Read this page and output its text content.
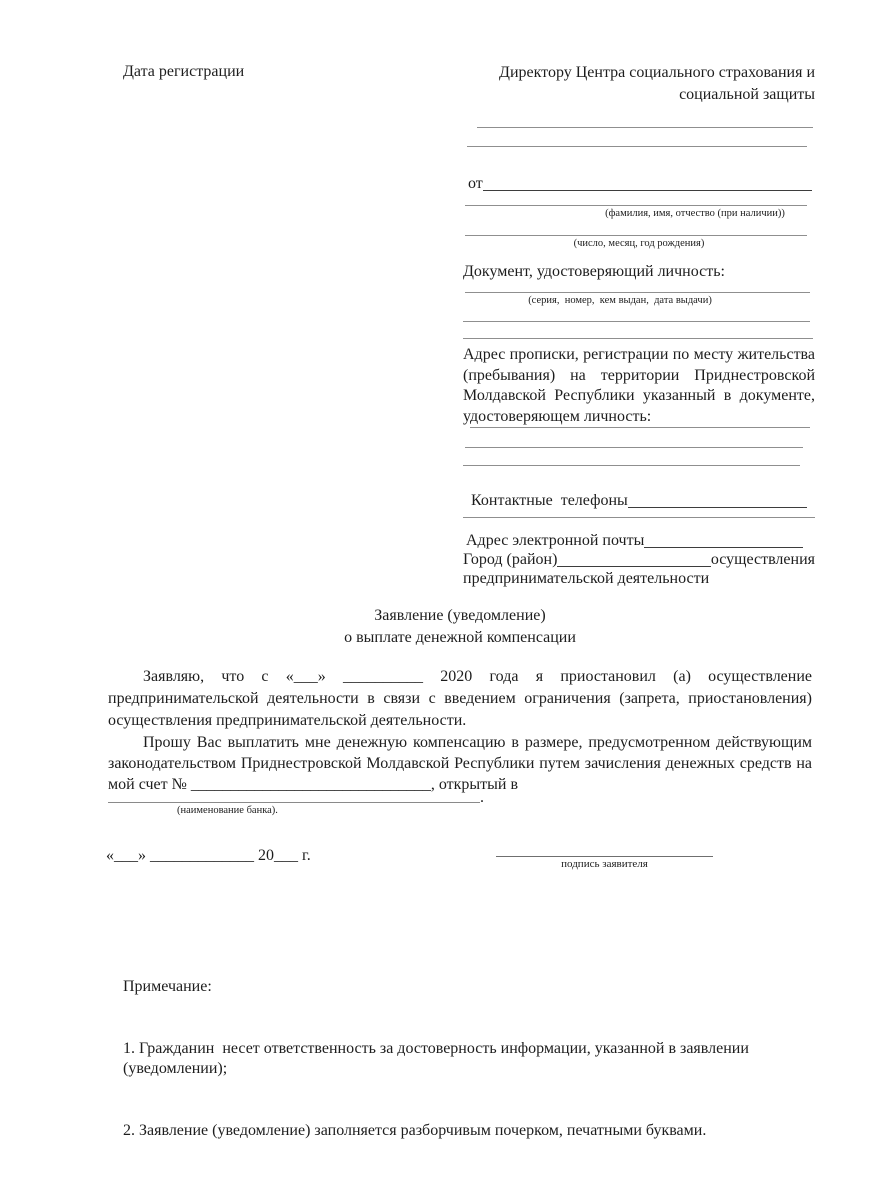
Дата регистрации	Директору Центра социального страхования и социальной защиты
от
(фамилия, имя, отчество (при наличии))
(число, месяц, год рождения)
Документ, удостоверяющий личность:
(серия,  номер,  кем выдан,  дата выдачи)
Адрес прописки, регистрации по месту жительства (пребывания) на территории Приднестровской Молдавской Республики указанный в документе, удостоверяющем личность:
Контактные  телефоны
Адрес электронной почты
Город (район)	осуществления
предпринимательской деятельности
Заявление (уведомление)
о выплате денежной компенсации
Заявляю, что с «___» __________ 2020 года я приостановил (а) осуществление предпринимательской деятельности в связи с введением ограничения (запрета, приостановления) осуществления предпринимательской деятельности.
Прошу Вас выплатить мне денежную компенсацию в размере, предусмотренном действующим законодательством Приднестровской Молдавской Республики путем зачисления денежных средств на мой счет № ______________________________, открытый в
.
(наименование банка).
«___» _____________ 20___ г.	подпись заявителя

Примечание:

1. Гражданин  несет ответственность за достоверность информации, указанной в заявлении (уведомлении);

2. Заявление (уведомление) заполняется разборчивым почерком, печатными буквами.
